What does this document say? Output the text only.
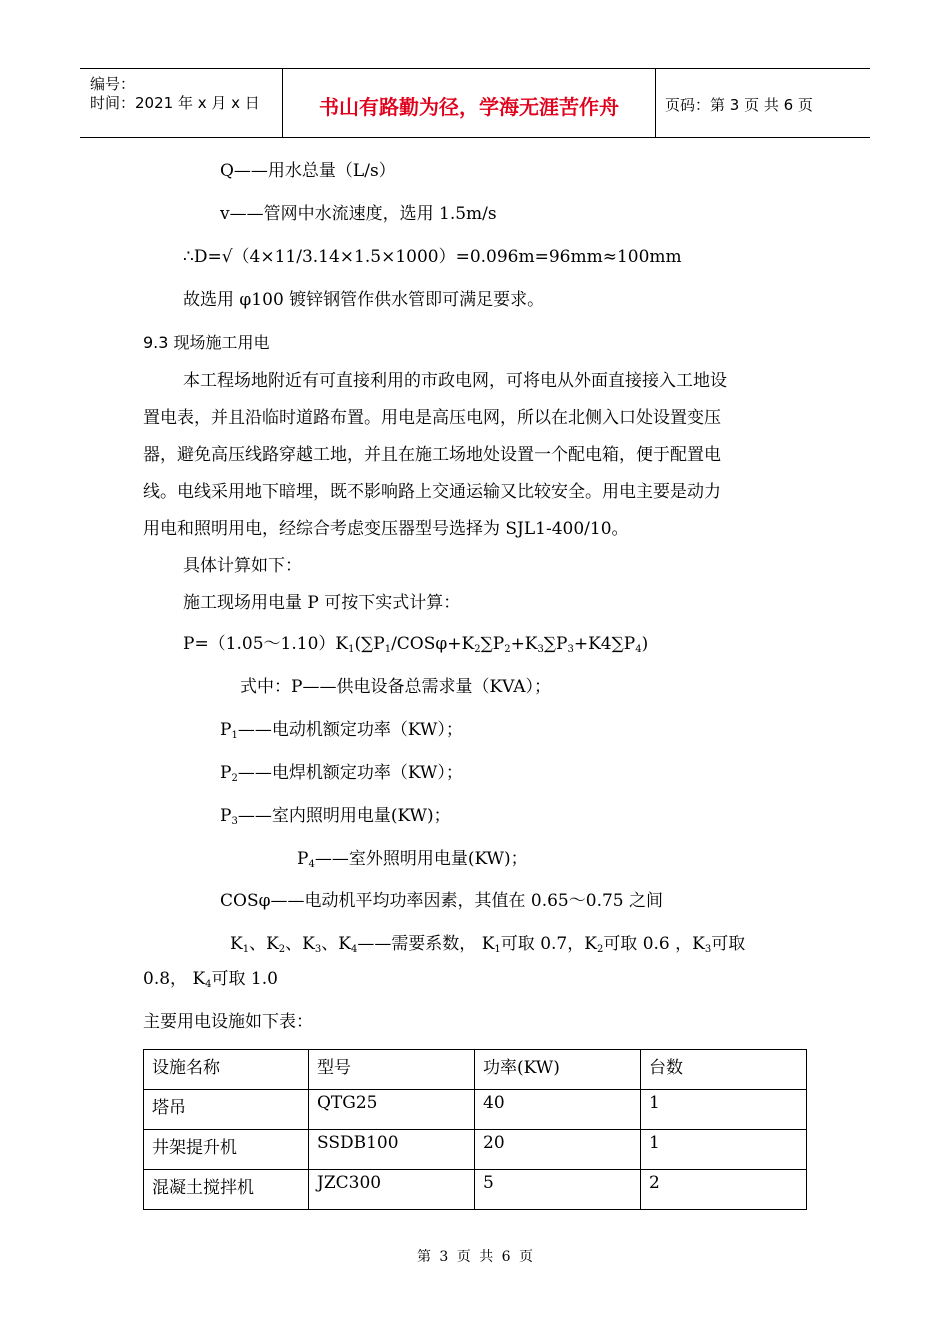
编号：
时间：2021 年 x 月 x 日	书山有路勤为径，学海无涯苦作舟	页码：第 3 页 共 6 页
Q——用水总量（L/s）
v——管网中水流速度，选用 1.5m/s
∴D=√（4×11/3.14×1.5×1000）=0.096m=96mm≈100mm
故选用 φ100 镀锌钢管作供水管即可满足要求。
9.3 现场施工用电
本工程场地附近有可直接利用的市政电网，可将电从外面直接接入工地设
置电表，并且沿临时道路布置。用电是高压电网，所以在北侧入口处设置变压
器，避免高压线路穿越工地，并且在施工场地处设置一个配电箱，便于配置电
线。电线采用地下暗埋，既不影响路上交通运输又比较安全。用电主要是动力
用电和照明用电，经综合考虑变压器型号选择为 SJL1-400/10。
具体计算如下：
施工现场用电量 P 可按下实式计算：
$P=(1.05\sim 1.10)K_1(\sum P_1/COS\varphi+K_2\sum P_2+K_3\sum P_3+K4\sum P_4)$
式中：P——供电设备总需求量（KVA）；
$P_1——$电动机额定功率（KW）；
$P_2——$电焊机额定功率（KW）；
$P_3——$室内照明用电量(KW)；
$P_4——$室外照明用电量(KW)；
COSφ——电动机平均功率因素，其值在 0.65～0.75 之间
$K_1$、$K_2$、$K_3$、$K_4——$需要系数， $K_1$可取 0.7，$K_2$可取 0.6 ，$K_3$可取
0.8， $K_4$可取 1.0
主要用电设施如下表：
设施名称	型号	功率(KW)	台数
塔吊	QTG25	40	1
井架提升机	SSDB100	20	1
混凝土搅拌机	JZC300	5	2
第 3 页 共 6 页
